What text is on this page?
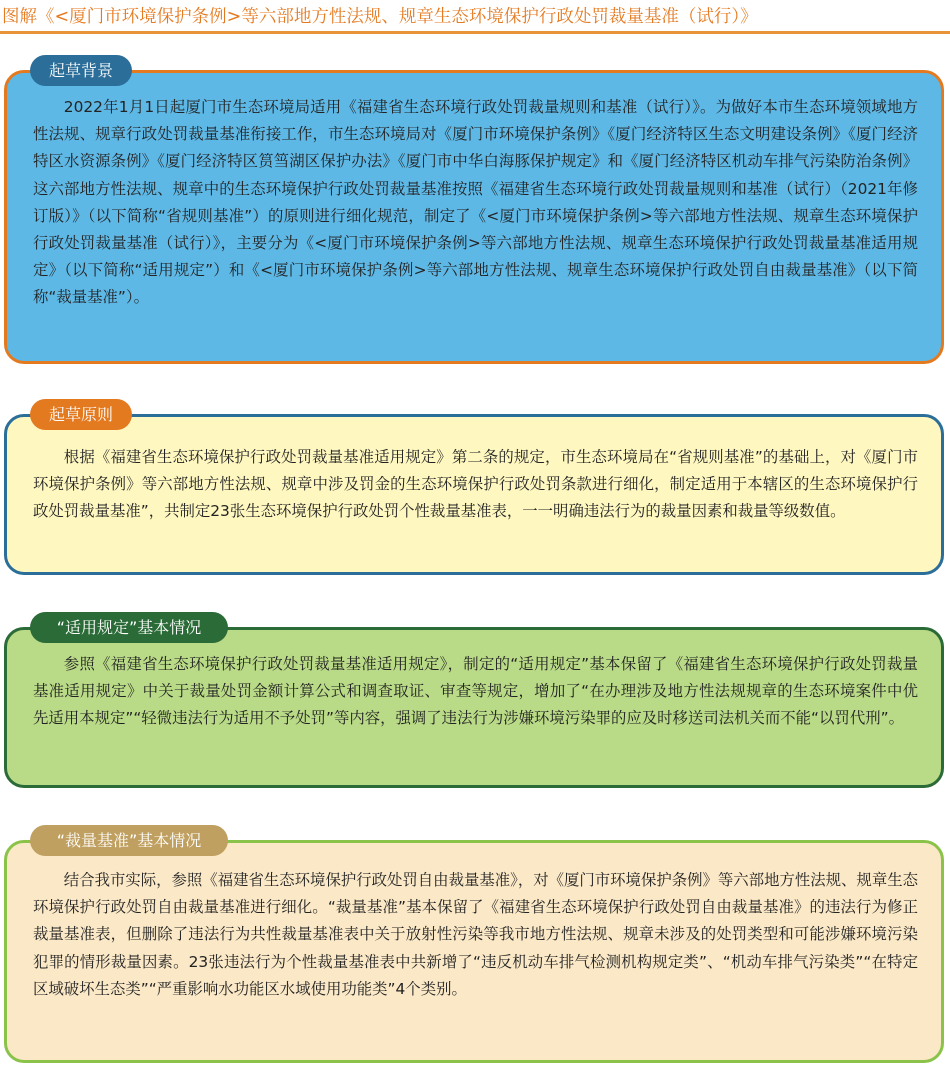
图解《<厦门市环境保护条例>等六部地方性法规、规章生态环境保护行政处罚裁量基准（试行）》
起草背景

2022年1月1日起厦门市生态环境局适用《福建省生态环境行政处罚裁量规则和基准（试行）》。为做好本市生态环境领域地方性法规、规章行政处罚裁量基准衔接工作，市生态环境局对《厦门市环境保护条例》《厦门经济特区生态文明建设条例》《厦门经济特区水资源条例》《厦门经济特区筼筜湖区保护办法》《厦门市中华白海豚保护规定》和《厦门经济特区机动车排气污染防治条例》这六部地方性法规、规章中的生态环境保护行政处罚裁量基准按照《福建省生态环境行政处罚裁量规则和基准（试行）（2021年修订版）》（以下简称“省规则基准”）的原则进行细化规范，制定了《<厦门市环境保护条例>等六部地方性法规、规章生态环境保护行政处罚裁量基准（试行）》，主要分为《<厦门市环境保护条例>等六部地方性法规、规章生态环境保护行政处罚裁量基准适用规定》（以下简称“适用规定”）和《<厦门市环境保护条例>等六部地方性法规、规章生态环境保护行政处罚自由裁量基准》（以下简称“裁量基准”）。

起草原则

根据《福建省生态环境保护行政处罚裁量基准适用规定》第二条的规定，市生态环境局在“省规则基准”的基础上，对《厦门市环境保护条例》等六部地方性法规、规章中涉及罚金的生态环境保护行政处罚条款进行细化，制定适用于本辖区的生态环境保护行政处罚裁量基准”，共制定23张生态环境保护行政处罚个性裁量基准表，一一明确违法行为的裁量因素和裁量等级数值。

“适用规定”基本情况

参照《福建省生态环境保护行政处罚裁量基准适用规定》，制定的“适用规定”基本保留了《福建省生态环境保护行政处罚裁量基准适用规定》中关于裁量处罚金额计算公式和调查取证、审查等规定，增加了“在办理涉及地方性法规规章的生态环境案件中优先适用本规定”“轻微违法行为适用不予处罚”等内容，强调了违法行为涉嫌环境污染罪的应及时移送司法机关而不能“以罚代刑”。

“裁量基准”基本情况

结合我市实际，参照《福建省生态环境保护行政处罚自由裁量基准》，对《厦门市环境保护条例》等六部地方性法规、规章生态环境保护行政处罚自由裁量基准进行细化。“裁量基准”基本保留了《福建省生态环境保护行政处罚自由裁量基准》的违法行为修正裁量基准表，但删除了违法行为共性裁量基准表中关于放射性污染等我市地方性法规、规章未涉及的处罚类型和可能涉嫌环境污染犯罪的情形裁量因素。23张违法行为个性裁量基准表中共新增了“违反机动车排气检测机构规定类”、“机动车排气污染类”“在特定区域破坏生态类”“严重影响水功能区水域使用功能类”4个类别。
